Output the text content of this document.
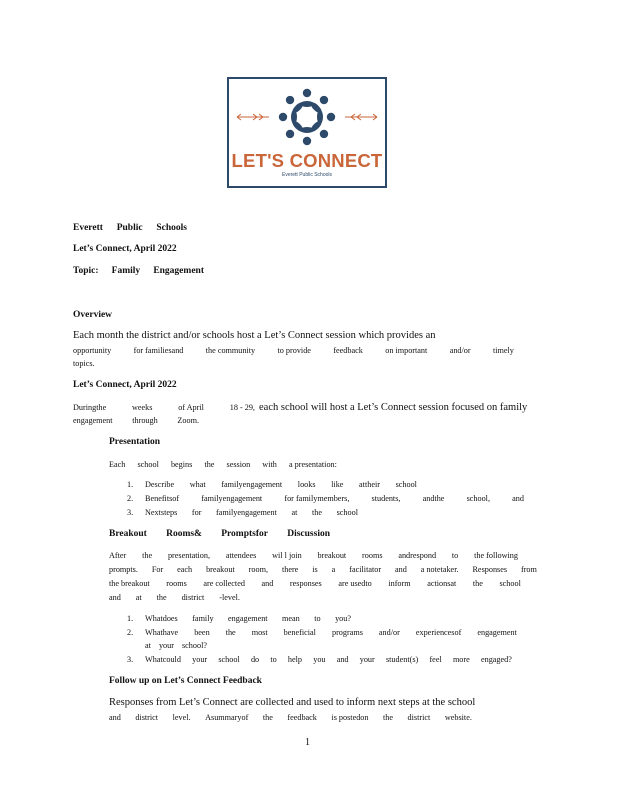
LET'S CONNECT
Everett Public Schools
Everett Public Schools
Let’s Connect, April 2022
Topic: Family Engagement
Overview
Each month the district and/or schools host a Let’s Connect session which provides an
opportunity	for familiesand	the community	to provide	feedback	on important	and/or	timely
topics.
Let’s Connect, April 2022
Duringthe	weeks	of April	18 - 29, each school will host a Let’s Connect session focused on family
engagement through Zoom.
Presentation
Each school begins the session with a presentation:
1. Describe what familyengagement looks like attheir school
2. Benefitsof	familyengagement	for familymembers,	students,	andthe	school,	and
3. Nextsteps for familyengagement at the school
Breakout Rooms& Promptsfor Discussion
After the presentation, attendees wil l join breakout rooms andrespond to the following
prompts. For each breakout room, there is a facilitator and a notetaker. Responses from
the breakout rooms are collected and responses are usedto inform actionsat the school
and at the district -level.
1. Whatdoes family engagement mean to you?
2. Whathave been the most beneficial programs and/or experiencesof engagement
at your school?
3. Whatcould your school do to help you and your student(s) feel more engaged?
Follow up on Let’s Connect Feedback
Responses from Let’s Connect are collected and used to inform next steps at the school
and district level. Asummaryof the feedback is postedon the district website.
1
